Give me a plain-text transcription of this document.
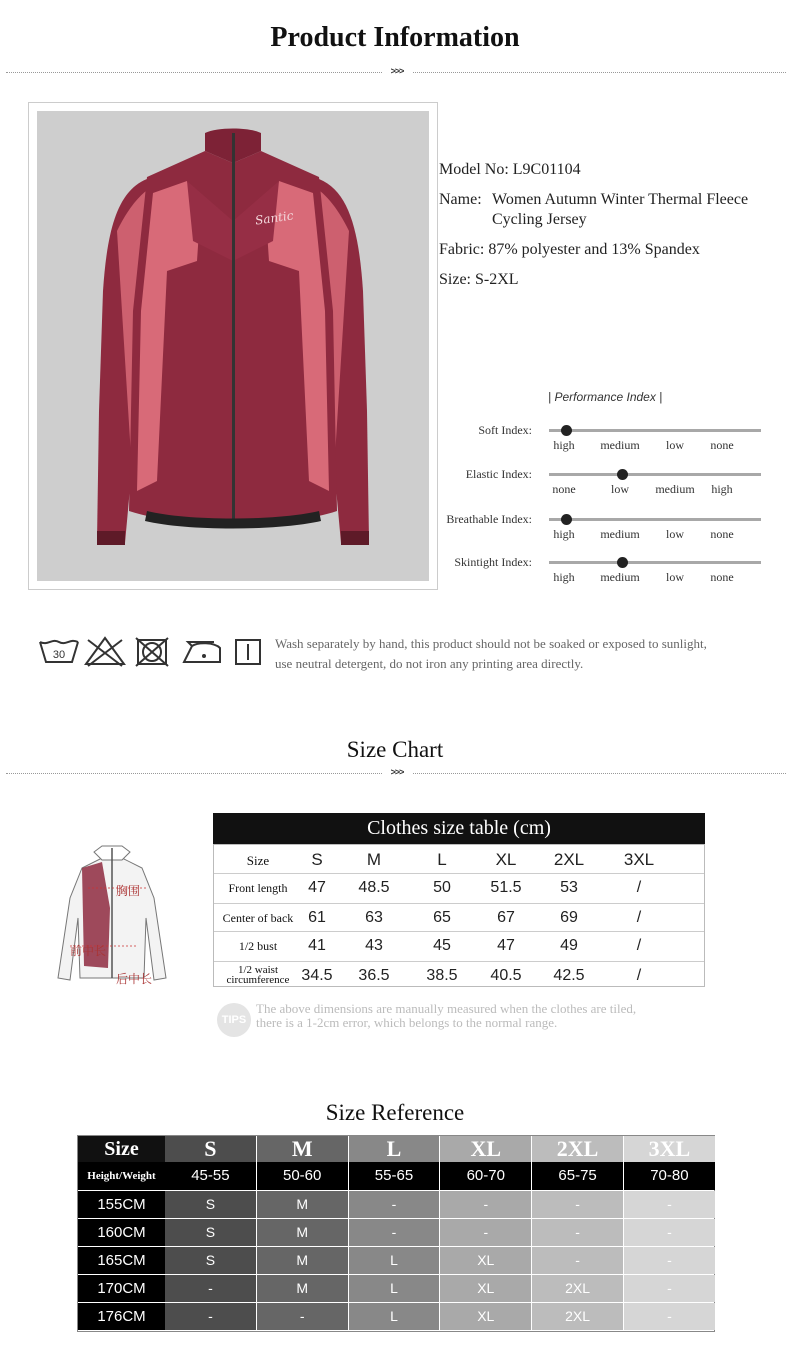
Product Information
>>>
Santic
Model No: L9C01104
Name: Women Autumn Winter Thermal Fleece
Cycling Jersey
Fabric: 87% polyester and 13% Spandex
Size: S-2XL
| Performance Index |
Soft Index:
high	medium	low	none
Elastic Index:
none	low	medium	high
Breathable Index:
high	medium	low	none
Skintight Index:
high	medium	low	none
30
Wash separately by hand, this product should not be soaked or exposed to sunlight,
use neutral detergent, do not iron any printing area directly.
Size Chart
>>>
胸围
前中长
后中长
Clothes size table (cm)
Size	S	M	L	XL	2XL	3XL
Front length	47	48.5	50	51.5	53	/
Center of back 61	63	65	67	69	/
1/2 bust	41	43	45	47	49	/
1/2 waist
circumference 34.5	36.5	38.5	40.5	42.5	/
TIPS
The above dimensions are manually measured when the clothes are tiled,
there is a 1-2cm error, which belongs to the normal range.
Size Reference
Size	S	M	L	XL	2XL	3XL
Height/Weight	45-55	50-60	55-65	60-70	65-75	70-80
155CM	S	M	-	-	-	-
160CM	S	M	-	-	-	-
165CM	S	M	L	XL	-	-
170CM	-	M	L	XL	2XL	-
176CM	-	-	L	XL	2XL	-
